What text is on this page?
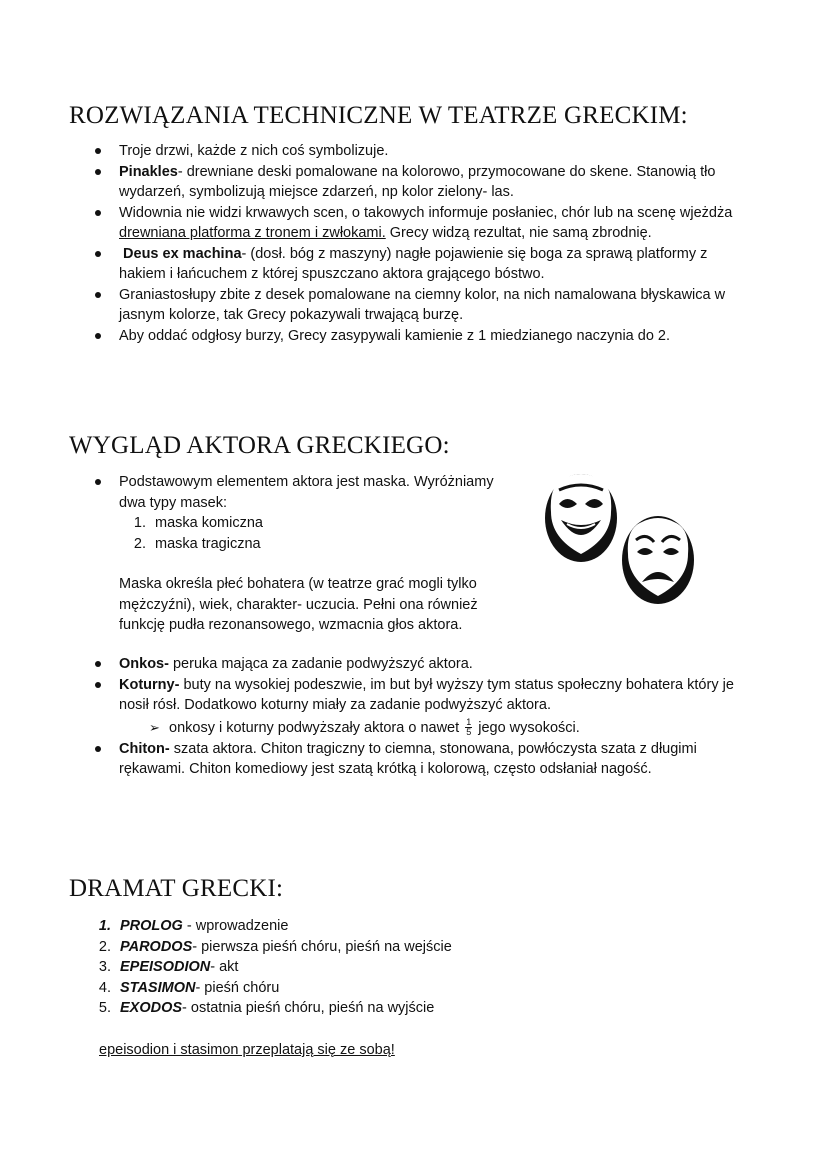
ROZWIĄZANIA TECHNICZNE W TEATRZE GRECKIM:
Troje drzwi, każde z nich coś symbolizuje.
Pinakles- drewniane deski pomalowane na kolorowo, przymocowane do skene. Stanowią tło wydarzeń, symbolizują miejsce zdarzeń, np kolor zielony- las.
Widownia nie widzi krwawych scen, o takowych informuje posłaniec, chór lub na scenę wjeżdża drewniana platforma z tronem i zwłokami. Grecy widzą rezultat, nie samą zbrodnię.
Deus ex machina- (dosł. bóg z maszyny) nagłe pojawienie się boga za sprawą platformy z hakiem i łańcuchem z której spuszczano aktora grającego bóstwo.
Graniastosłupy zbite z desek pomalowane na ciemny kolor, na nich namalowana błyskawica w jasnym kolorze, tak Grecy pokazywali trwającą burzę.
Aby oddać odgłosy burzy, Grecy zasypywali kamienie z 1 miedzianego naczynia do 2.
WYGLĄD AKTORA GRECKIEGO:
Podstawowym elementem aktora jest maska. Wyróżniamy dwa typy masek:
1. maska komiczna
2. maska tragiczna
Maska określa płeć bohatera (w teatrze grać mogli tylko mężczyźni), wiek, charakter- uczucia. Pełni ona również funkcję pudła rezonansowego, wzmacnia głos aktora.
Onkos- peruka mająca za zadanie podwyższyć aktora.
Koturny- buty na wysokiej podeszwie, im but był wyższy tym status społeczny bohatera który je nosił rósł. Dodatkowo koturny miały za zadanie podwyższyć aktora.
➢ onkosy i koturny podwyższały aktora o nawet $\frac{1}{5}$ jego wysokości.
Chiton- szata aktora. Chiton tragiczny to ciemna, stonowana, powłóczysta szata z długimi rękawami. Chiton komediowy jest szatą krótką i kolorową, często odsłaniał nagość.
DRAMAT GRECKI:
1. PROLOG - wprowadzenie
2. PARODOS- pierwsza pieśń chóru, pieśń na wejście
3. EPEISODION- akt
4. STASIMON- pieśń chóru
5. EXODOS- ostatnia pieśń chóru, pieśń na wyjście
epeisodion i stasimon przeplatają się ze sobą!
